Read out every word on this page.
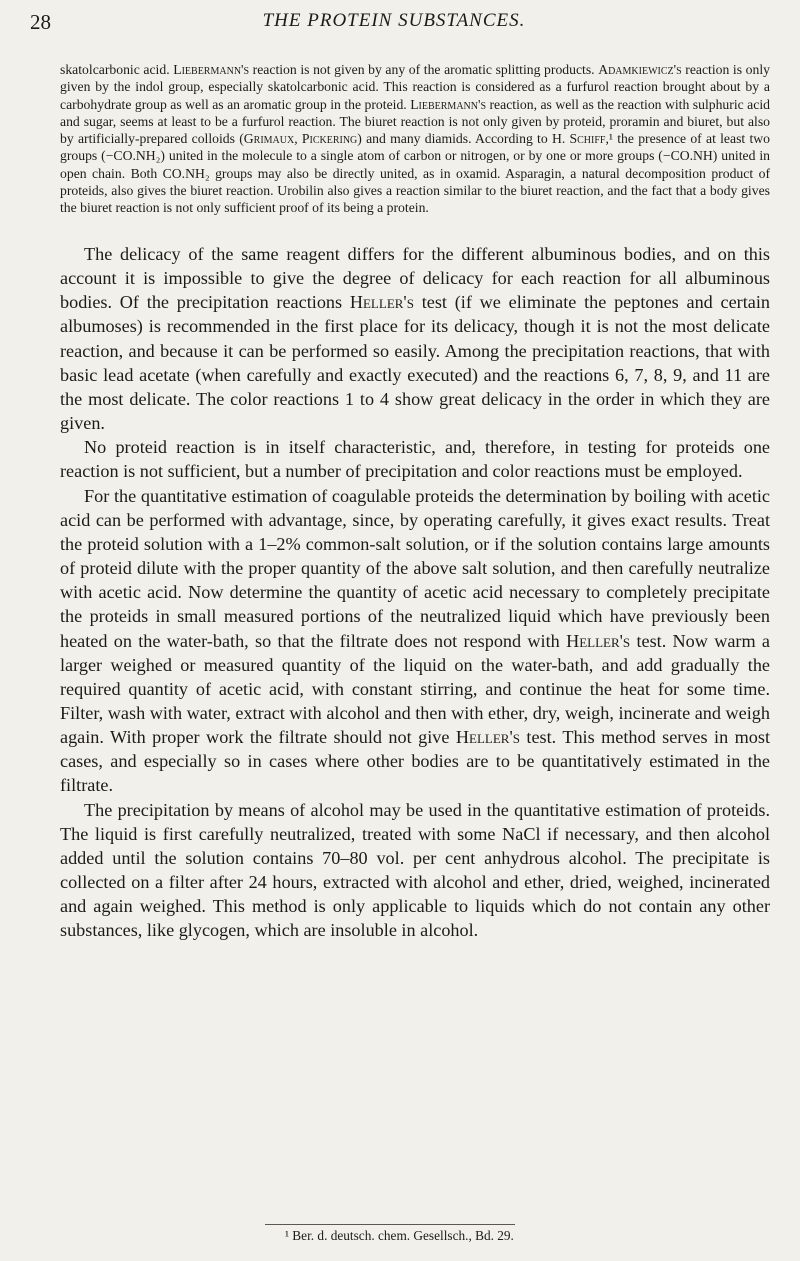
28	THE PROTEIN SUBSTANCES.

skatolcarbonic acid. Liebermann's reaction is not given by any of the aromatic splitting products. Adamkiewicz's reaction is only given by the indol group, especially skatolcarbonic acid. This reaction is considered as a furfurol reaction brought about by a carbohydrate group as well as an aromatic group in the proteid. Liebermann's reaction, as well as the reaction with sulphuric acid and sugar, seems at least to be a furfurol reaction. The biuret reaction is not only given by proteid, proramin and biuret, but also by artificially-prepared colloids (Grimaux, Pickering) and many diamids. According to H. Schiff,¹ the presence of at least two groups (−CO.NH₂) united in the molecule to a single atom of carbon or nitrogen, or by one or more groups (−CO.NH) united in open chain. Both CO.NH₂ groups may also be directly united, as in oxamid. Asparagin, a natural decomposition product of proteids, also gives the biuret reaction. Urobilin also gives a reaction similar to the biuret reaction, and the fact that a body gives the biuret reaction is not only sufficient proof of its being a protein.

The delicacy of the same reagent differs for the different albuminous bodies, and on this account it is impossible to give the degree of delicacy for each reaction for all albuminous bodies. Of the precipitation reactions Heller's test (if we eliminate the peptones and certain albumoses) is recommended in the first place for its delicacy, though it is not the most delicate reaction, and because it can be performed so easily. Among the precipitation reactions, that with basic lead acetate (when carefully and exactly executed) and the reactions 6, 7, 8, 9, and 11 are the most delicate. The color reactions 1 to 4 show great delicacy in the order in which they are given.

No proteid reaction is in itself characteristic, and, therefore, in testing for proteids one reaction is not sufficient, but a number of precipitation and color reactions must be employed.

For the quantitative estimation of coagulable proteids the determination by boiling with acetic acid can be performed with advantage, since, by operating carefully, it gives exact results. Treat the proteid solution with a 1–2% common-salt solution, or if the solution contains large amounts of proteid dilute with the proper quantity of the above salt solution, and then carefully neutralize with acetic acid. Now determine the quantity of acetic acid necessary to completely precipitate the proteids in small measured portions of the neutralized liquid which have previously been heated on the water-bath, so that the filtrate does not respond with Heller's test. Now warm a larger weighed or measured quantity of the liquid on the water-bath, and add gradually the required quantity of acetic acid, with constant stirring, and continue the heat for some time. Filter, wash with water, extract with alcohol and then with ether, dry, weigh, incinerate and weigh again. With proper work the filtrate should not give Heller's test. This method serves in most cases, and especially so in cases where other bodies are to be quantitatively estimated in the filtrate.

The precipitation by means of alcohol may be used in the quantitative estimation of proteids. The liquid is first carefully neutralized, treated with some NaCl if necessary, and then alcohol added until the solution contains 70–80 vol. per cent anhydrous alcohol. The precipitate is collected on a filter after 24 hours, extracted with alcohol and ether, dried, weighed, incinerated and again weighed. This method is only applicable to liquids which do not contain any other substances, like glycogen, which are insoluble in alcohol.

¹ Ber. d. deutsch. chem. Gesellsch., Bd. 29.
